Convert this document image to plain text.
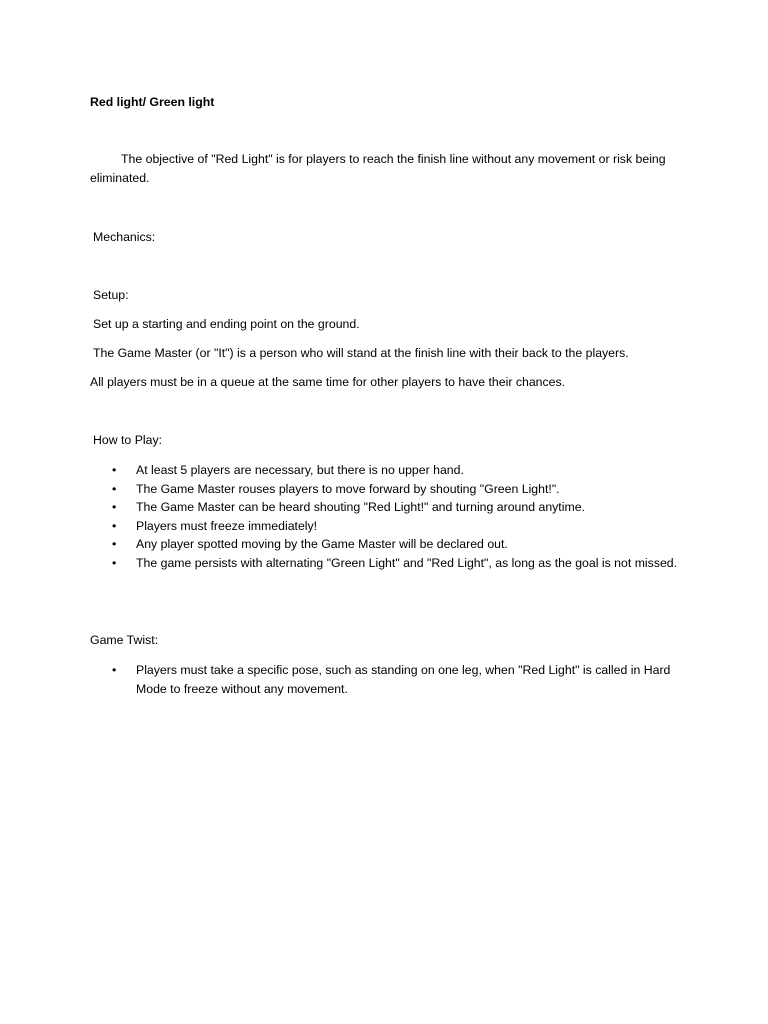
Red light/ Green light
The objective of "Red Light" is for players to reach the finish line without any movement or risk being eliminated.
Mechanics:
Setup:
Set up a starting and ending point on the ground.
The Game Master (or "It") is a person who will stand at the finish line with their back to the players.
All players must be in a queue at the same time for other players to have their chances.
How to Play:
• At least 5 players are necessary, but there is no upper hand.
• The Game Master rouses players to move forward by shouting "Green Light!".
• The Game Master can be heard shouting "Red Light!" and turning around anytime.
• Players must freeze immediately!
• Any player spotted moving by the Game Master will be declared out.
• The game persists with alternating "Green Light" and "Red Light", as long as the goal is not missed.
Game Twist:
• Players must take a specific pose, such as standing on one leg, when "Red Light" is called in Hard Mode to freeze without any movement.
